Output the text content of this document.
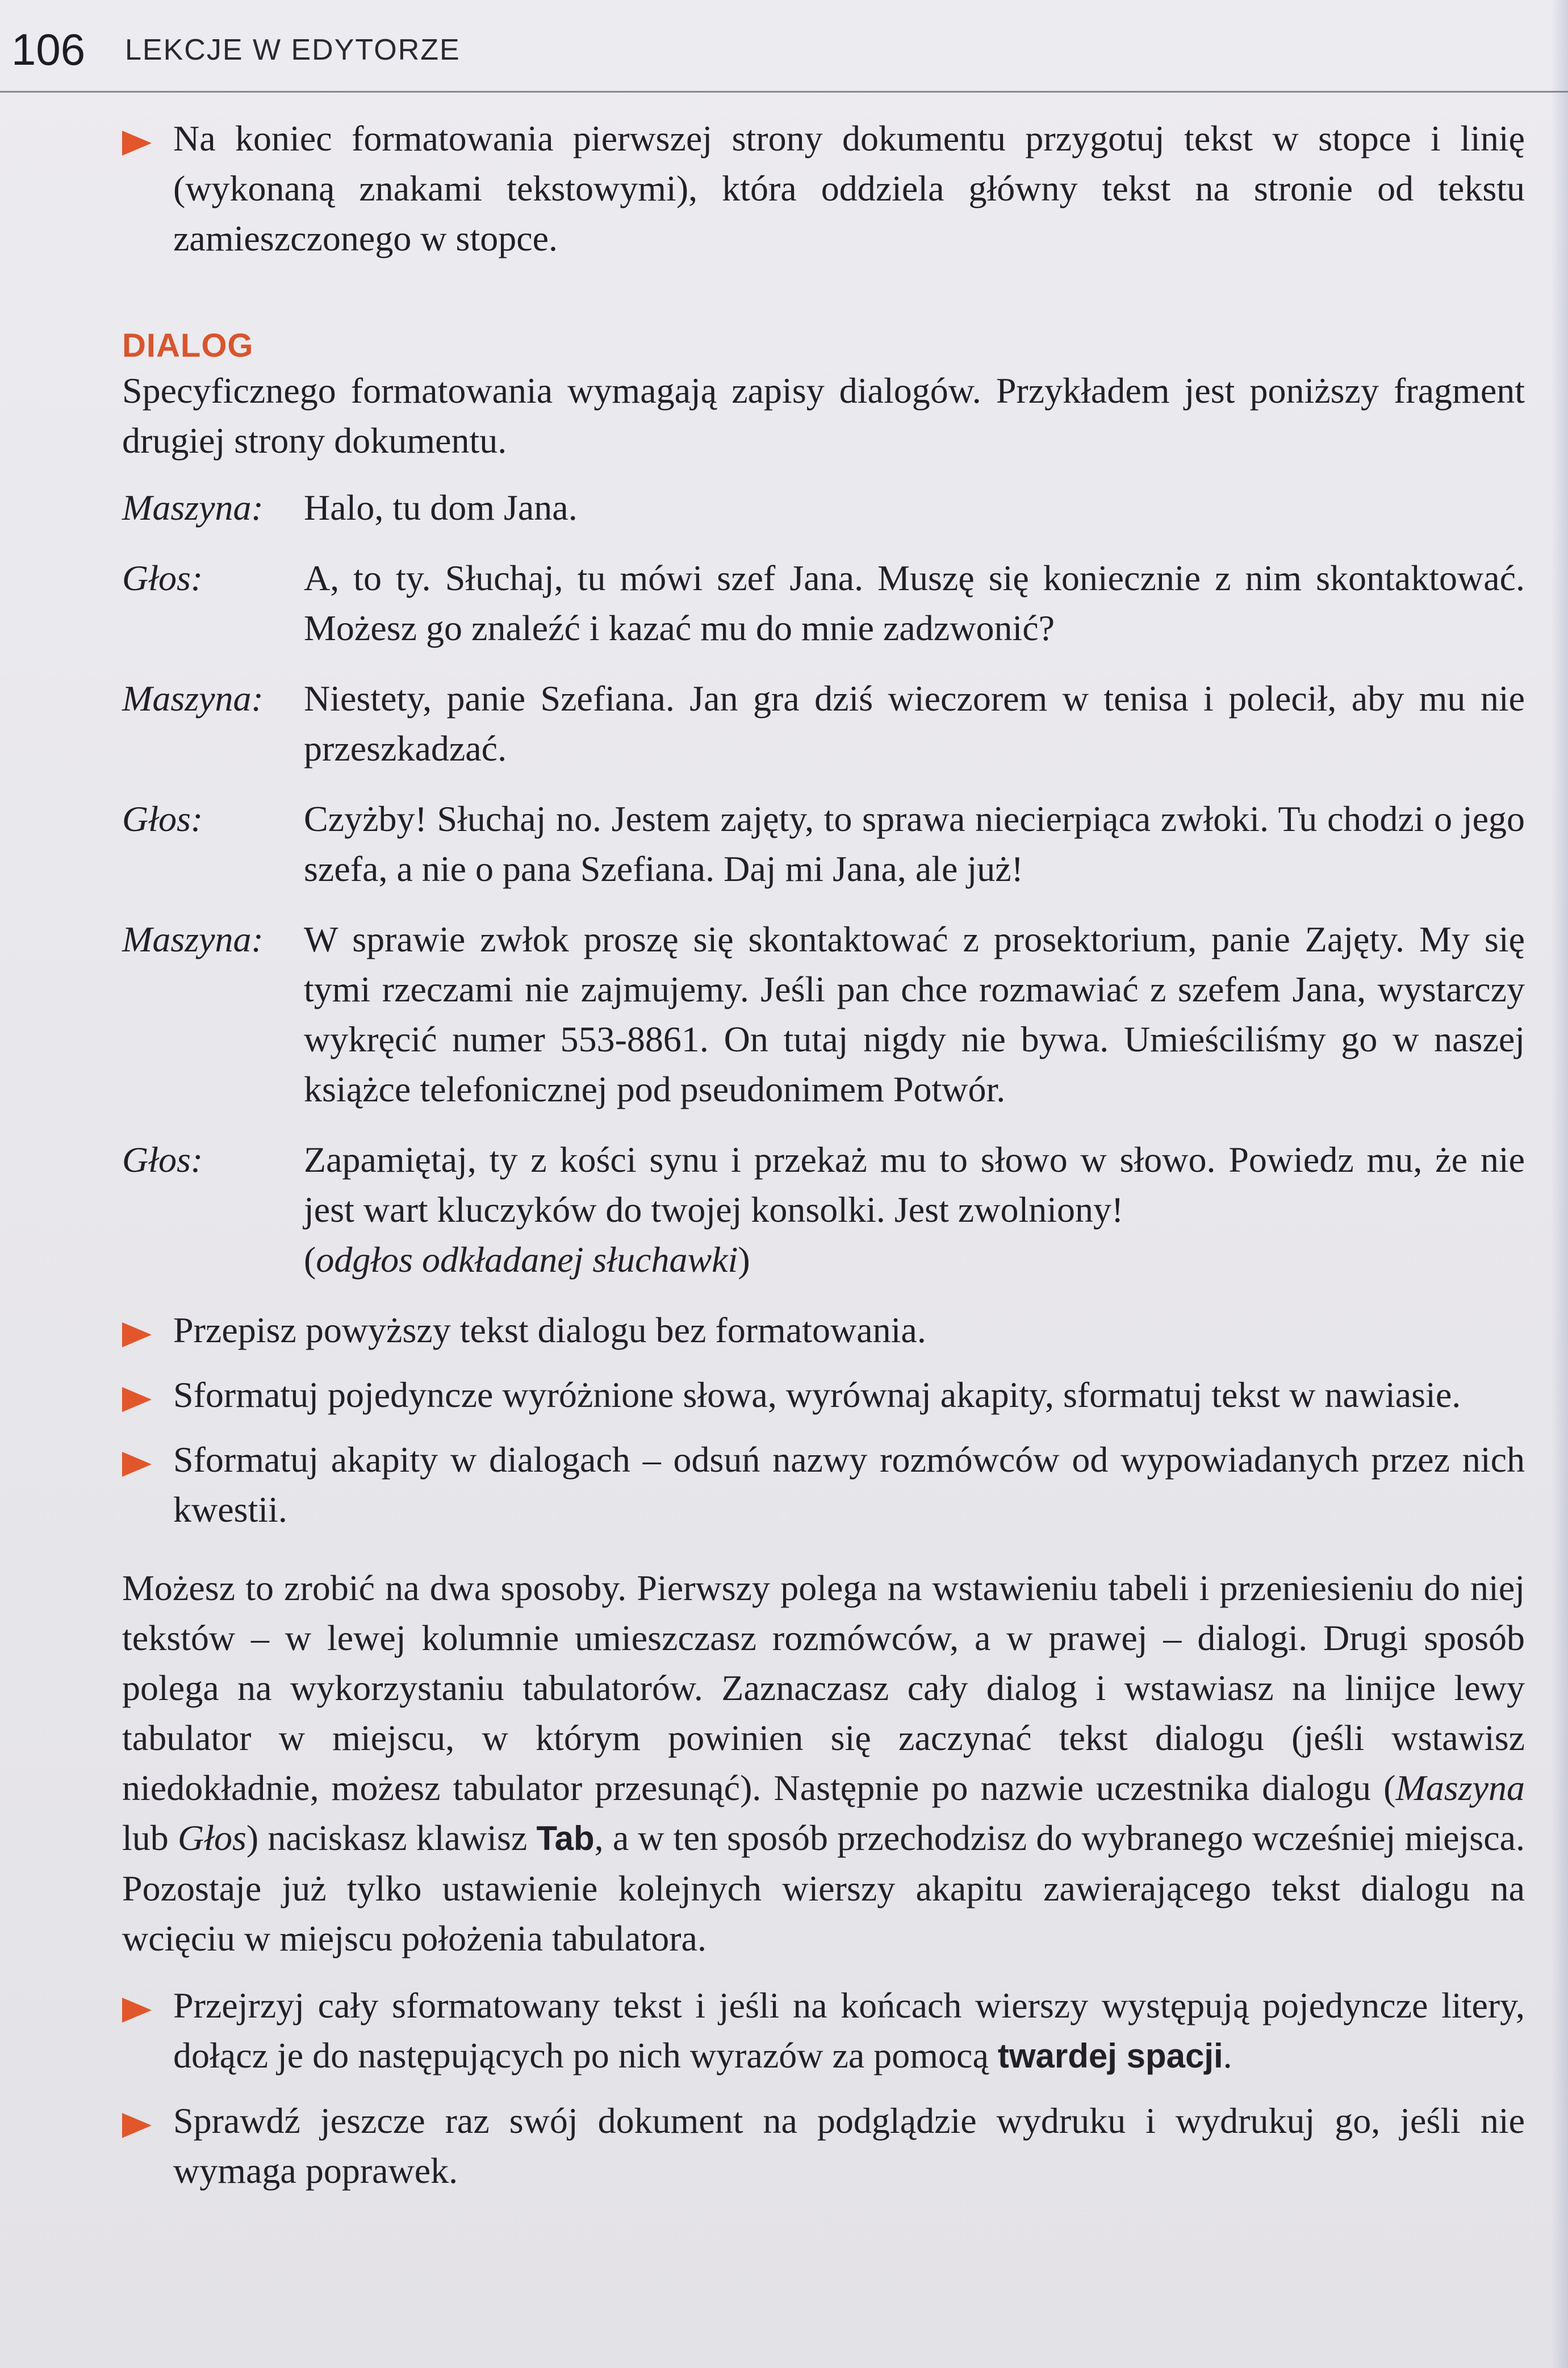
106 LEKCJE W EDYTORZE
Na koniec formatowania pierwszej strony dokumentu przygotuj tekst w stopce i linię (wykonaną znakami tekstowymi), która oddziela główny tekst na stronie od tekstu zamieszczonego w stopce.
DIALOG
Specyficznego formatowania wymagają zapisy dialogów. Przykładem jest poniższy fragment drugiej strony dokumentu.
Maszyna:	Halo, tu dom Jana.
Głos:	A, to ty. Słuchaj, tu mówi szef Jana. Muszę się koniecznie z nim skontaktować. Możesz go znaleźć i kazać mu do mnie zadzwonić?
Maszyna:	Niestety, panie Szefiana. Jan gra dziś wieczorem w tenisa i polecił, aby mu nie przeszkadzać.
Głos:	Czyżby! Słuchaj no. Jestem zajęty, to sprawa niecierpiąca zwłoki. Tu chodzi o jego szefa, a nie o pana Szefiana. Daj mi Jana, ale już!
Maszyna:	W sprawie zwłok proszę się skontaktować z prosektorium, panie Zajęty. My się tymi rzeczami nie zajmujemy. Jeśli pan chce rozmawiać z szefem Jana, wystarczy wykręcić numer 553-8861. On tutaj nigdy nie bywa. Umieściliśmy go w naszej książce telefonicznej pod pseudonimem Potwór.
Głos:	Zapamiętaj, ty z kości synu i przekaż mu to słowo w słowo. Powiedz mu, że nie jest wart kluczyków do twojej konsolki. Jest zwolniony!
(odgłos odkładanej słuchawki)
Przepisz powyższy tekst dialogu bez formatowania.
Sformatuj pojedyncze wyróżnione słowa, wyrównaj akapity, sformatuj tekst w nawiasie.
Sformatuj akapity w dialogach – odsuń nazwy rozmówców od wypowiadanych przez nich kwestii.
Możesz to zrobić na dwa sposoby. Pierwszy polega na wstawieniu tabeli i przeniesieniu do niej tekstów – w lewej kolumnie umieszczasz rozmówców, a w prawej – dialogi. Drugi sposób polega na wykorzystaniu tabulatorów. Zaznaczasz cały dialog i wstawiasz na linijce lewy tabulator w miejscu, w którym powinien się zaczynać tekst dialogu (jeśli wstawisz niedokładnie, możesz tabulator przesunąć). Następnie po nazwie uczestnika dialogu (Maszyna lub Głos) naciskasz klawisz Tab, a w ten sposób przechodzisz do wybranego wcześniej miejsca. Pozostaje już tylko ustawienie kolejnych wierszy akapitu zawierającego tekst dialogu na wcięciu w miejscu położenia tabulatora.
Przejrzyj cały sformatowany tekst i jeśli na końcach wierszy występują pojedyncze litery, dołącz je do następujących po nich wyrazów za pomocą twardej spacji.
Sprawdź jeszcze raz swój dokument na podglądzie wydruku i wydrukuj go, jeśli nie wymaga poprawek.
